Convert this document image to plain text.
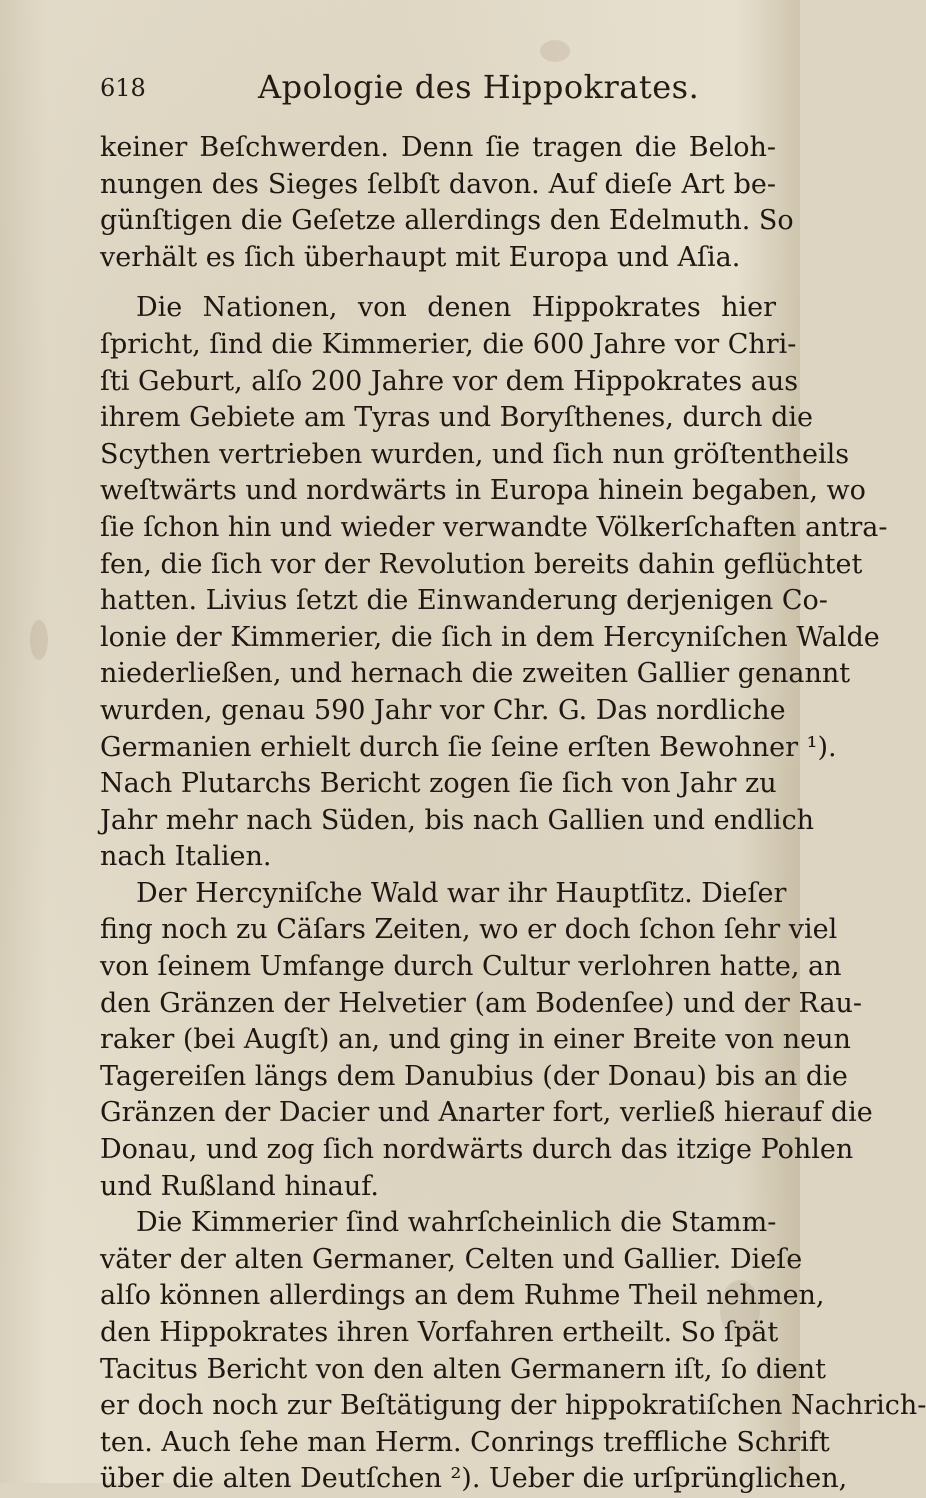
618	Apologie des Hippokrates.
keiner Beſchwerden. Denn ſie tragen die Beloh-
nungen des Sieges ſelbſt davon. Auf dieſe Art be-
günſtigen die Geſetze allerdings den Edelmuth. So
verhält es ſich überhaupt mit Europa und Aſia.
Die Nationen, von denen Hippokrates hier
ſpricht, ſind die Kimmerier, die 600 Jahre vor Chri-
ſti Geburt, alſo 200 Jahre vor dem Hippokrates aus
ihrem Gebiete am Tyras und Boryſthenes, durch die
Scythen vertrieben wurden, und ſich nun gröſtentheils
weſtwärts und nordwärts in Europa hinein begaben, wo
ſie ſchon hin und wieder verwandte Völkerſchaften antra-
fen, die ſich vor der Revolution bereits dahin geflüchtet
hatten. Livius ſetzt die Einwanderung derjenigen Co-
lonie der Kimmerier, die ſich in dem Hercyniſchen Walde
niederließen, und hernach die zweiten Gallier genannt
wurden, genau 590 Jahr vor Chr. G. Das nordliche
Germanien erhielt durch ſie ſeine erſten Bewohner ¹).
Nach Plutarchs Bericht zogen ſie ſich von Jahr zu
Jahr mehr nach Süden, bis nach Gallien und endlich
nach Italien.
Der Hercyniſche Wald war ihr Hauptſitz. Dieſer
fing noch zu Cäſars Zeiten, wo er doch ſchon ſehr viel
von ſeinem Umfange durch Cultur verlohren hatte, an
den Gränzen der Helvetier (am Bodenſee) und der Rau-
raker (bei Augſt) an, und ging in einer Breite von neun
Tagereiſen längs dem Danubius (der Donau) bis an die
Gränzen der Dacier und Anarter fort, verließ hierauf die
Donau, und zog ſich nordwärts durch das itzige Pohlen
und Rußland hinauf.
Die Kimmerier ſind wahrſcheinlich die Stamm-
väter der alten Germaner, Celten und Gallier. Dieſe
alſo können allerdings an dem Ruhme Theil nehmen,
den Hippokrates ihren Vorfahren ertheilt. So ſpät
Tacitus Bericht von den alten Germanern iſt, ſo dient
er doch noch zur Beſtätigung der hippokratiſchen Nachrich-
ten. Auch ſehe man Herm. Conrings treffliche Schrift
über die alten Deutſchen ²). Ueber die urſprünglichen,
